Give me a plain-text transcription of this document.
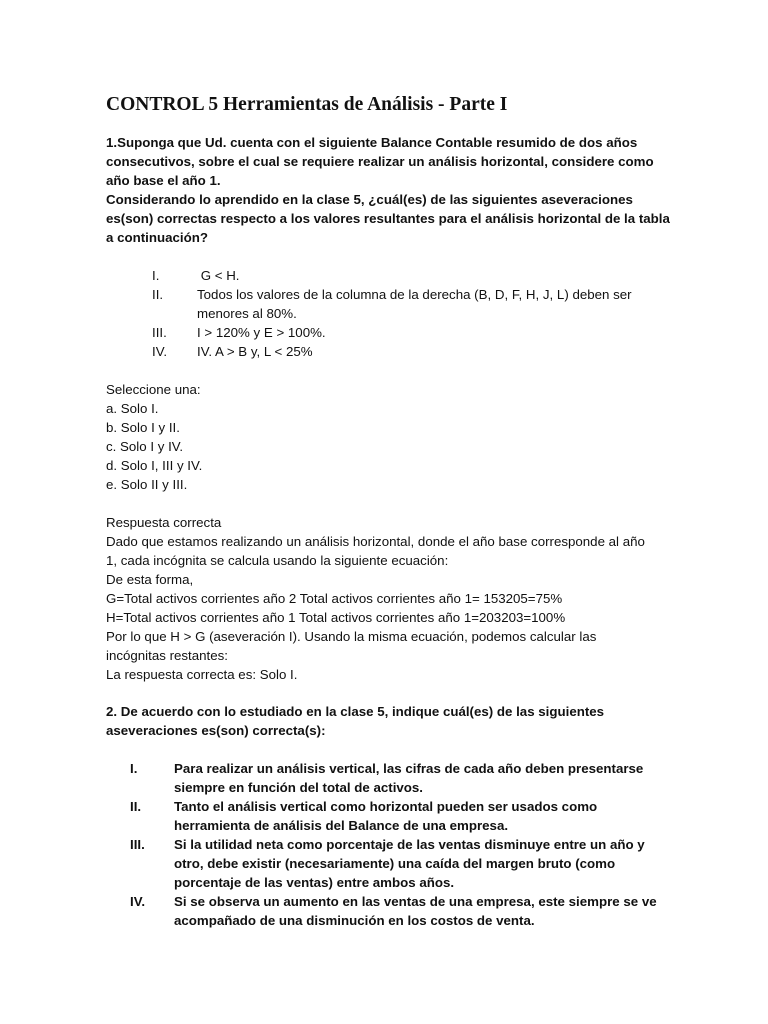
CONTROL 5 Herramientas de Análisis - Parte I
1.Suponga que Ud. cuenta con el siguiente Balance Contable resumido de dos años
consecutivos, sobre el cual se requiere realizar un análisis horizontal, considere como
año base el año 1.
Considerando lo aprendido en la clase 5, ¿cuál(es) de las siguientes aseveraciones
es(son) correctas respecto a los valores resultantes para el análisis horizontal de la tabla
a continuación?
I.	G < H.
II.	Todos los valores de la columna de la derecha (B, D, F, H, J, L) deben ser
menores al 80%.
III. I > 120% y E > 100%.
IV. IV. A > B y, L < 25%
Seleccione una:
a. Solo I.
b. Solo I y II.
c. Solo I y IV.
d. Solo I, III y IV.
e. Solo II y III.
Respuesta correcta
Dado que estamos realizando un análisis horizontal, donde el año base corresponde al año
1, cada incógnita se calcula usando la siguiente ecuación:
De esta forma,
G=Total activos corrientes año 2 Total activos corrientes año 1= 153205=75%
H=Total activos corrientes año 1 Total activos corrientes año 1=203203=100%
Por lo que H > G (aseveración I). Usando la misma ecuación, podemos calcular las
incógnitas restantes:
La respuesta correcta es: Solo I.
2. De acuerdo con lo estudiado en la clase 5, indique cuál(es) de las siguientes
aseveraciones es(son) correcta(s):
I.	Para realizar un análisis vertical, las cifras de cada año deben presentarse
siempre en función del total de activos.
II. Tanto el análisis vertical como horizontal pueden ser usados como
herramienta de análisis del Balance de una empresa.
III. Si la utilidad neta como porcentaje de las ventas disminuye entre un año y
otro, debe existir (necesariamente) una caída del margen bruto (como
porcentaje de las ventas) entre ambos años.
IV. Si se observa un aumento en las ventas de una empresa, este siempre se ve
acompañado de una disminución en los costos de venta.
